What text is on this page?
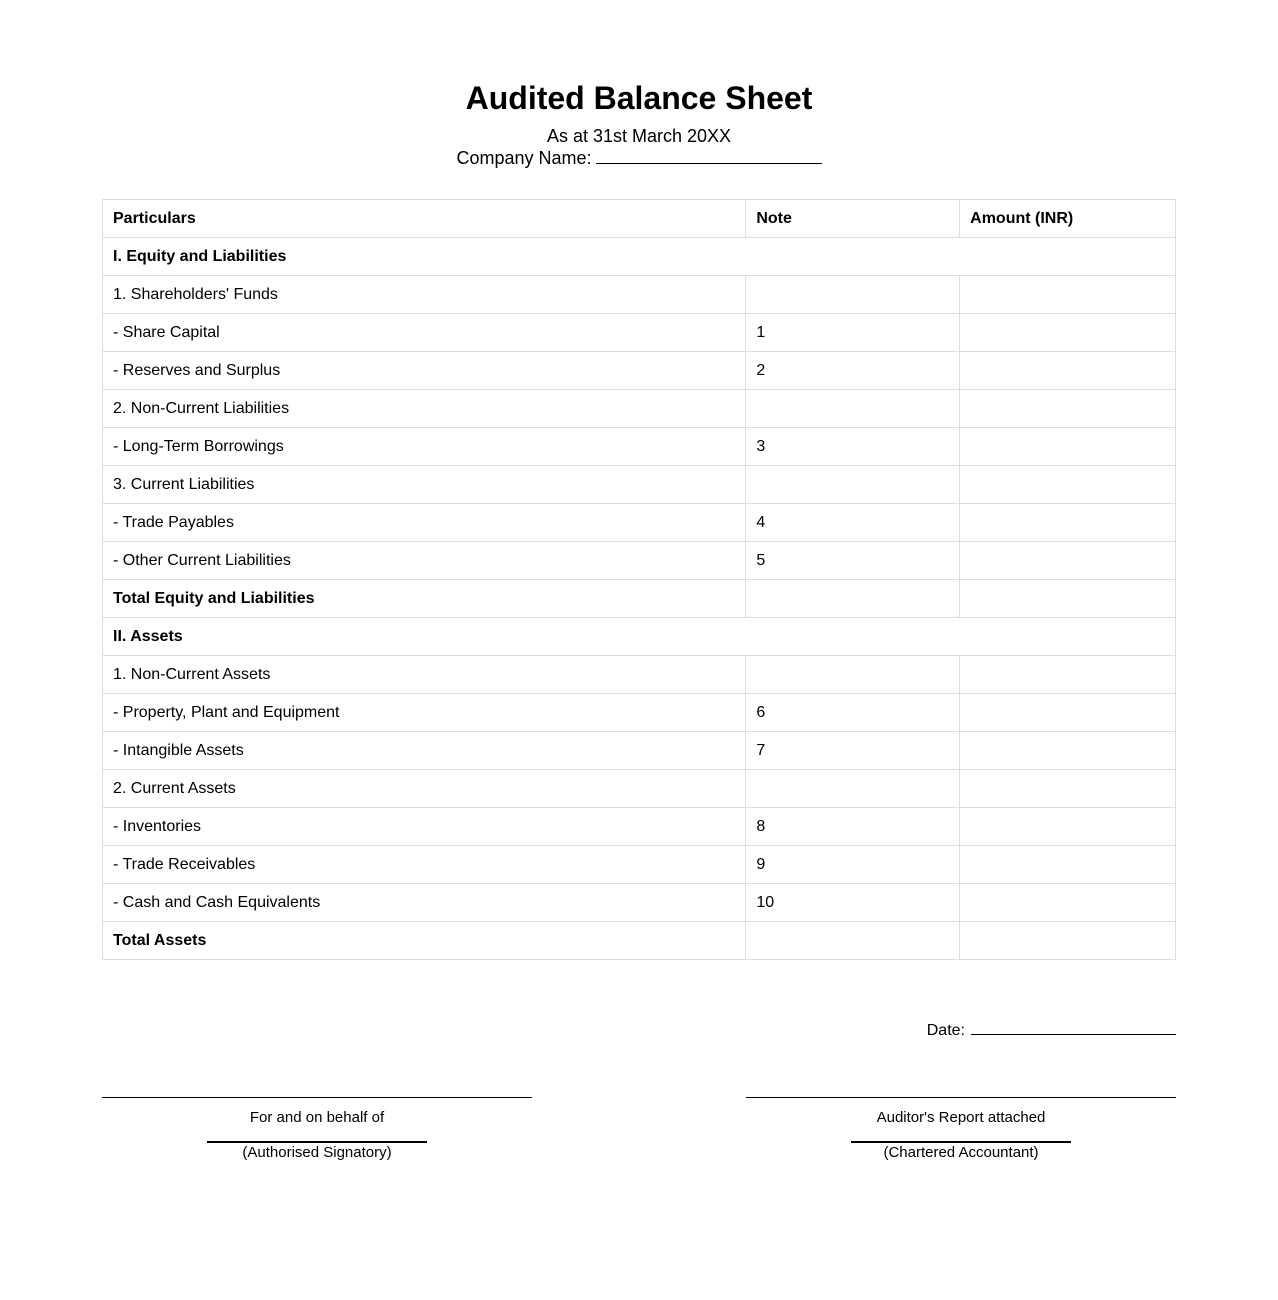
Audited Balance Sheet
As at 31st March 20XX
Company Name:
Particulars	Note	Amount (INR)
I. Equity and Liabilities		
1. Shareholders' Funds		
- Share Capital	1	
- Reserves and Surplus	2	
2. Non-Current Liabilities		
- Long-Term Borrowings	3	
3. Current Liabilities		
- Trade Payables	4	
- Other Current Liabilities	5	
Total Equity and Liabilities		
II. Assets		
1. Non-Current Assets		
- Property, Plant and Equipment	6	
- Intangible Assets	7	
2. Current Assets		
- Inventories	8	
- Trade Receivables	9	
- Cash and Cash Equivalents	10	
Total Assets		
Date:
For and on behalf of
(Authorised Signatory)
Auditor's Report attached
(Chartered Accountant)
